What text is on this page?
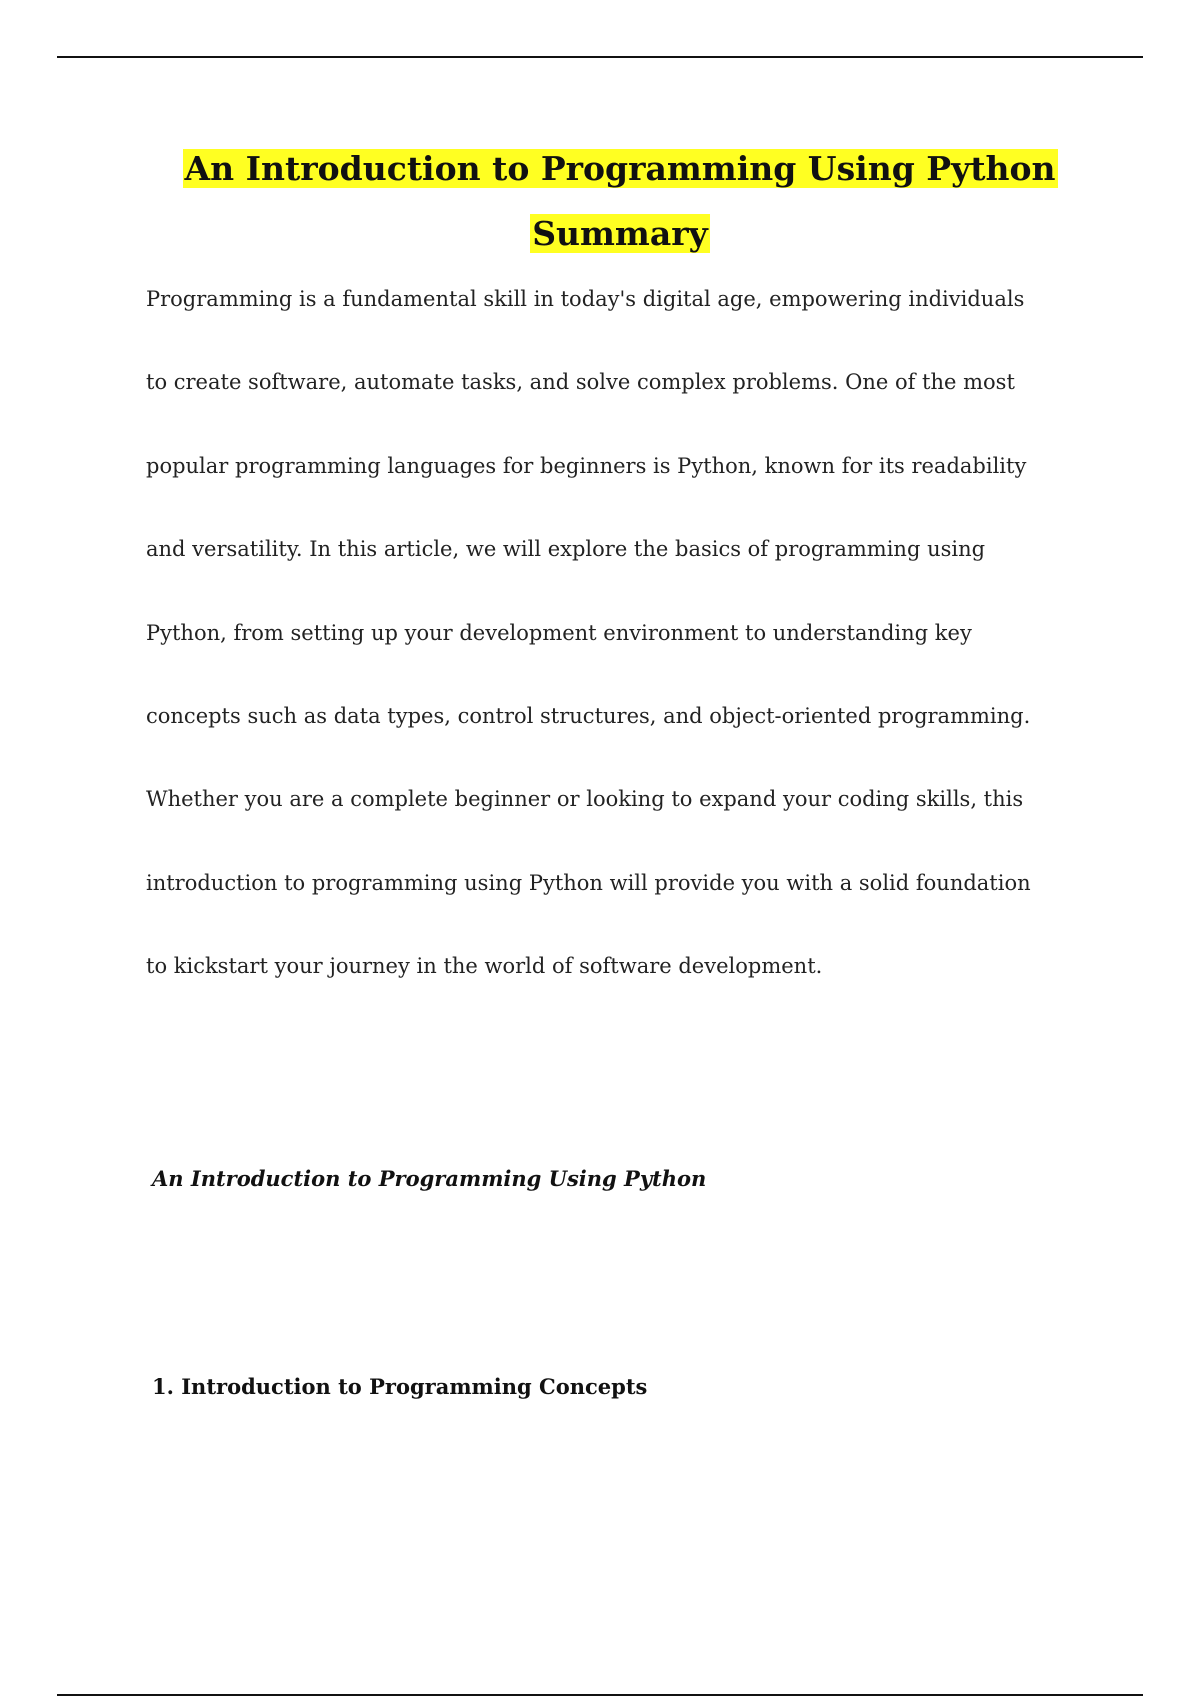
An Introduction to Programming Using Python
Summary

Programming is a fundamental skill in today's digital age, empowering individuals
to create software, automate tasks, and solve complex problems. One of the most
popular programming languages for beginners is Python, known for its readability
and versatility. In this article, we will explore the basics of programming using
Python, from setting up your development environment to understanding key
concepts such as data types, control structures, and object-oriented programming.
Whether you are a complete beginner or looking to expand your coding skills, this
introduction to programming using Python will provide you with a solid foundation
to kickstart your journey in the world of software development.

An Introduction to Programming Using Python
1. Introduction to Programming Concepts
